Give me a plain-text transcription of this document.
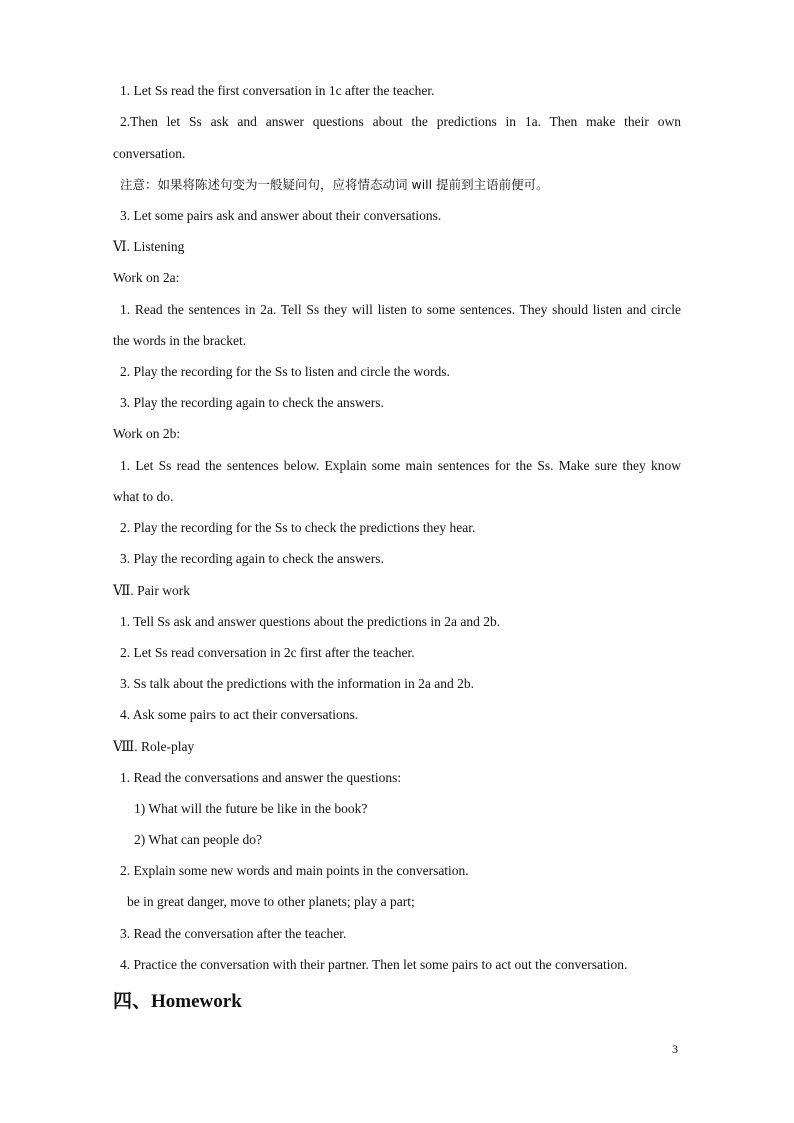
1. Let Ss read the first conversation in 1c after the teacher.
2.Then let Ss ask and answer questions about the predictions in 1a. Then make their own
conversation.
注意：如果将陈述句变为一般疑问句，应将情态动词 will 提前到主语前便可。
3. Let some pairs ask and answer about their conversations.
Ⅵ. Listening
Work on 2a:
1. Read the sentences in 2a. Tell Ss they will listen to some sentences. They should listen and circle
the words in the bracket.
2. Play the recording for the Ss to listen and circle the words.
3. Play the recording again to check the answers.
Work on 2b:
1. Let Ss read the sentences below. Explain some main sentences for the Ss. Make sure they know
what to do.
2. Play the recording for the Ss to check the predictions they hear.
3. Play the recording again to check the answers.
Ⅶ. Pair work
1. Tell Ss ask and answer questions about the predictions in 2a and 2b.
2. Let Ss read conversation in 2c first after the teacher.
3. Ss talk about the predictions with the information in 2a and 2b.
4. Ask some pairs to act their conversations.
Ⅷ. Role-play
1. Read the conversations and answer the questions:
1) What will the future be like in the book?
2) What can people do?
2. Explain some new words and main points in the conversation.
be in great danger, move to other planets; play a part;
3. Read the conversation after the teacher.
4. Practice the conversation with their partner. Then let some pairs to act out the conversation.
四、Homework
3
